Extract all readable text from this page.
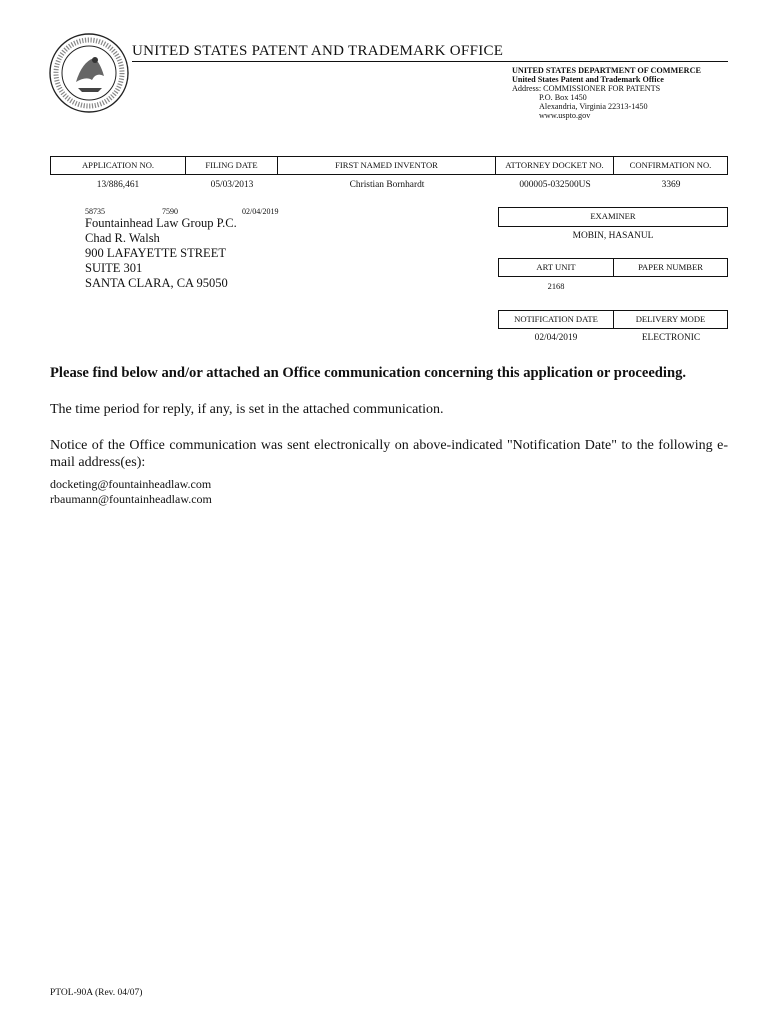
UNITED STATES PATENT AND TRADEMARK OFFICE
UNITED STATES DEPARTMENT OF COMMERCE
United States Patent and Trademark Office
Address: COMMISSIONER FOR PATENTS
P.O. Box 1450
Alexandria, Virginia 22313-1450
www.uspto.gov
APPLICATION NO.	FILING DATE	FIRST NAMED INVENTOR	ATTORNEY DOCKET NO.	CONFIRMATION NO.
13/886,461	05/03/2013	Christian Bornhardt	000005-032500US	3369
58735	7590	02/04/2019
Fountainhead Law Group P.C.
Chad R. Walsh
900 LAFAYETTE STREET
SUITE 301
SANTA CLARA, CA 95050
EXAMINER
MOBIN, HASANUL
ART UNIT	PAPER NUMBER
2168
NOTIFICATION DATE	DELIVERY MODE
02/04/2019	ELECTRONIC
Please find below and/or attached an Office communication concerning this application or proceeding.
The time period for reply, if any, is set in the attached communication.
Notice of the Office communication was sent electronically on above-indicated "Notification Date" to the following e-mail address(es):
docketing@fountainheadlaw.com
rbaumann@fountainheadlaw.com
PTOL-90A (Rev. 04/07)
